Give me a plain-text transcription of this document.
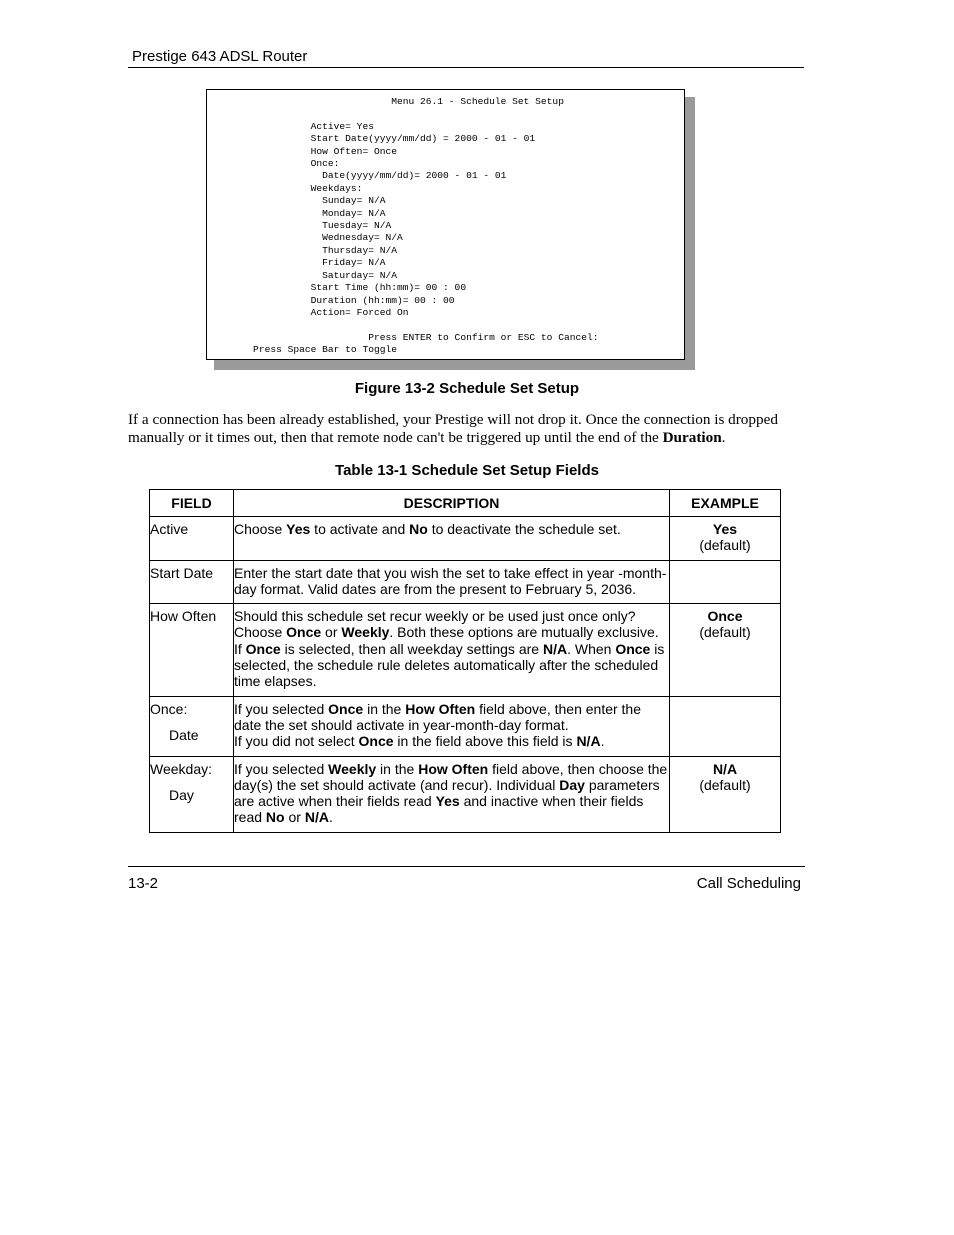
Prestige 643 ADSL Router
Menu 26.1 - Schedule Set Setup

Active= Yes
Start Date(yyyy/mm/dd) = 2000 - 01 - 01
How Often= Once
Once:
Date(yyyy/mm/dd)= 2000 - 01 - 01
Weekdays:
Sunday= N/A
Monday= N/A
Tuesday= N/A
Wednesday= N/A
Thursday= N/A
Friday= N/A
Saturday= N/A
Start Time (hh:mm)= 00 : 00
Duration (hh:mm)= 00 : 00
Action= Forced On

Press ENTER to Confirm or ESC to Cancel:
Press Space Bar to Toggle
Figure 13-2 Schedule Set Setup
If a connection has been already established, your Prestige will not drop it. Once the connection is dropped manually or it times out, then that remote node can't be triggered up until the end of the Duration.
Table 13-1 Schedule Set Setup Fields
FIELD	DESCRIPTION	EXAMPLE
Active	Choose Yes to activate and No to deactivate the schedule set.	Yes
(default)

Start Date	Enter the start date that you wish the set to take effect in year -month-day format. Valid dates are from the present to February 5, 2036.	
How Often	Should this schedule set recur weekly or be used just once only? Choose Once or Weekly. Both these options are mutually exclusive. If Once is selected, then all weekday settings are N/A. When Once is selected, the schedule rule deletes automatically after the scheduled time elapses.	Once
(default)

Once:
Date	If you selected Once in the How Often field above, then enter the date the set should activate in year-month-day format.
If you did not select Once in the field above this field is N/A.	
Weekday:
Day	If you selected Weekly in the How Often field above, then choose the day(s) the set should activate (and recur). Individual Day parameters are active when their fields read Yes and inactive when their fields read No or N/A.	N/A
(default)
13-2	Call Scheduling
